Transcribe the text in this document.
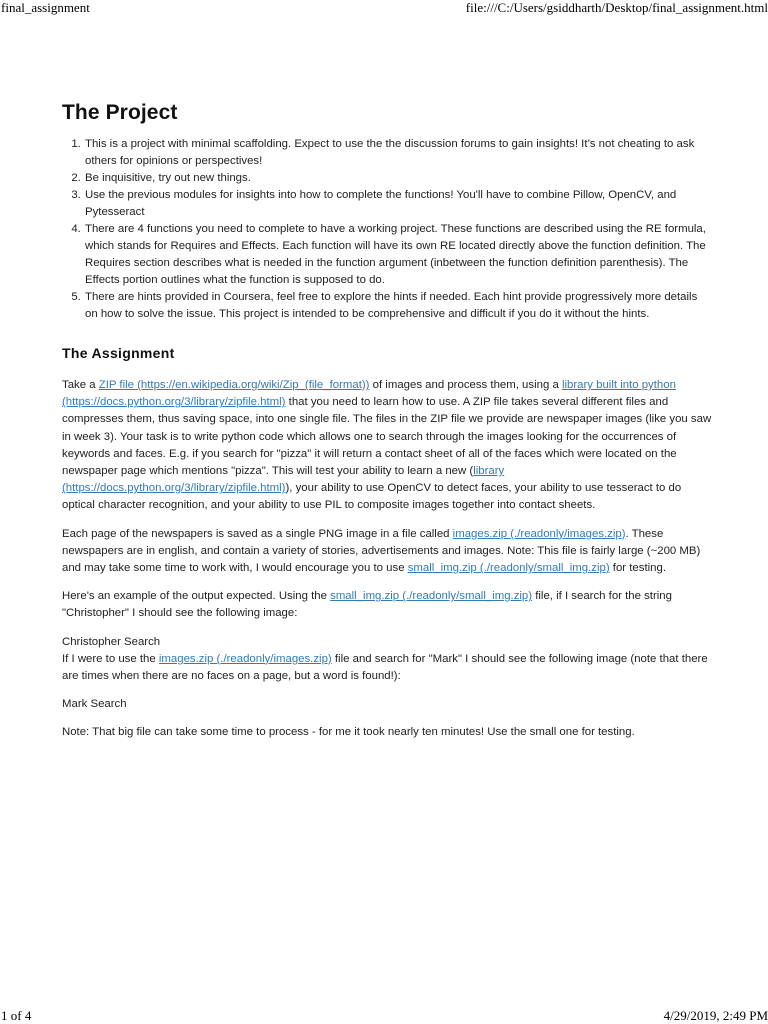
final_assignment	file:///C:/Users/gsiddharth/Desktop/final_assignment.html
The Project
1. This is a project with minimal scaffolding. Expect to use the the discussion forums to gain insights! It’s not cheating to ask others for opinions or perspectives!
2. Be inquisitive, try out new things.
3. Use the previous modules for insights into how to complete the functions! You'll have to combine Pillow, OpenCV, and Pytesseract
4. There are 4 functions you need to complete to have a working project. These functions are described using the RE formula, which stands for Requires and Effects. Each function will have its own RE located directly above the function definition. The Requires section describes what is needed in the function argument (inbetween the function definition parenthesis). The Effects portion outlines what the function is supposed to do.
5. There are hints provided in Coursera, feel free to explore the hints if needed. Each hint provide progressively more details on how to solve the issue. This project is intended to be comprehensive and difficult if you do it without the hints.
The Assignment

Take a ZIP file (https://en.wikipedia.org/wiki/Zip_(file_format)) of images and process them, using a library built into python (https://docs.python.org/3/library/zipfile.html) that you need to learn how to use. A ZIP file takes several different files and compresses them, thus saving space, into one single file. The files in the ZIP file we provide are newspaper images (like you saw in week 3). Your task is to write python code which allows one to search through the images looking for the occurrences of keywords and faces. E.g. if you search for "pizza" it will return a contact sheet of all of the faces which were located on the newspaper page which mentions "pizza". This will test your ability to learn a new (library (https://docs.python.org/3/library/zipfile.html)), your ability to use OpenCV to detect faces, your ability to use tesseract to do optical character recognition, and your ability to use PIL to composite images together into contact sheets.

Each page of the newspapers is saved as a single PNG image in a file called images.zip (./readonly/images.zip). These newspapers are in english, and contain a variety of stories, advertisements and images. Note: This file is fairly large (~200 MB) and may take some time to work with, I would encourage you to use small_img.zip (./readonly/small_img.zip) for testing.

Here's an example of the output expected. Using the small_img.zip (./readonly/small_img.zip) file, if I search for the string "Christopher" I should see the following image:

Christopher Search

If I were to use the images.zip (./readonly/images.zip) file and search for "Mark" I should see the following image (note that there are times when there are no faces on a page, but a word is found!):

Mark Search

Note: That big file can take some time to process - for me it took nearly ten minutes! Use the small one for testing.

1 of 4	4/29/2019, 2:49 PM
